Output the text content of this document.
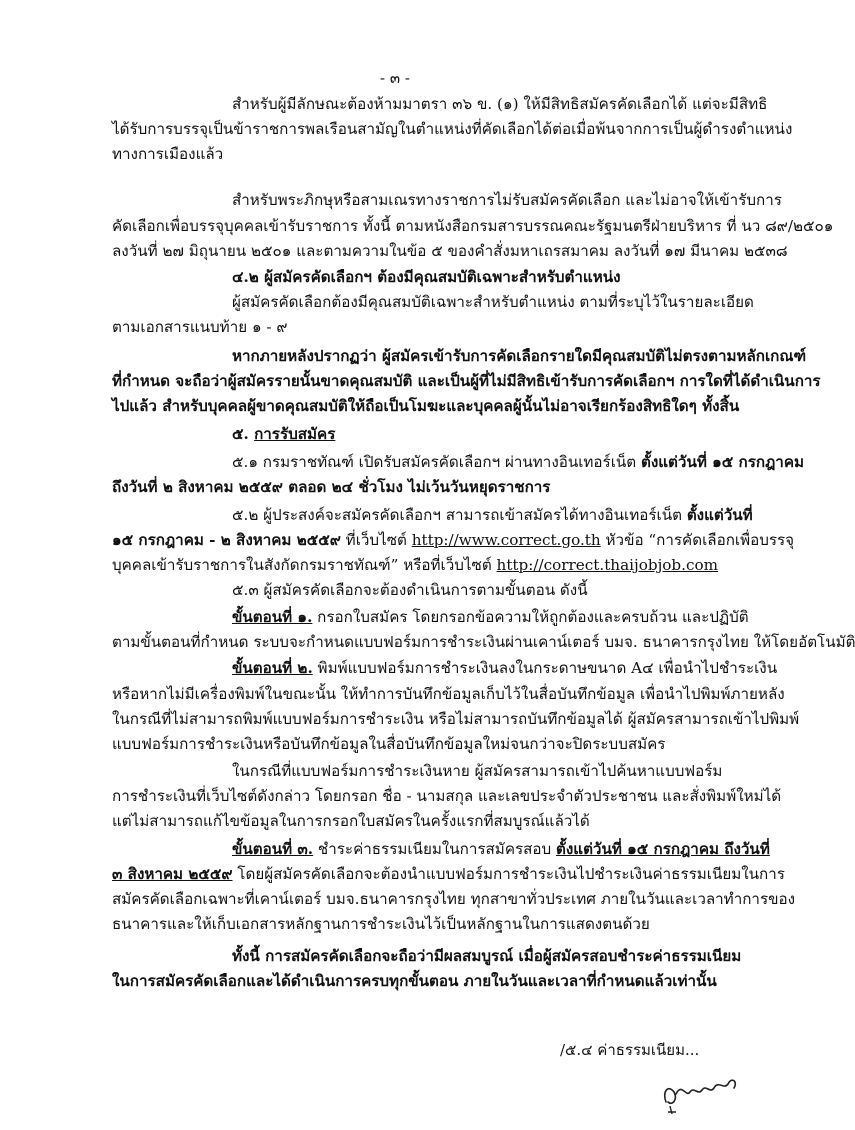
- ๓ -
สำหรับผู้มีลักษณะต้องห้ามมาตรา ๓๖ ข. (๑) ให้มีสิทธิสมัครคัดเลือกได้ แต่จะมีสิทธิ
ได้รับการบรรจุเป็นข้าราชการพลเรือนสามัญในตำแหน่งที่คัดเลือกได้ต่อเมื่อพ้นจากการเป็นผู้ดำรงตำแหน่ง
ทางการเมืองแล้ว
สำหรับพระภิกษุหรือสามเณรทางราชการไม่รับสมัครคัดเลือก และไม่อาจให้เข้ารับการ
คัดเลือกเพื่อบรรจุบุคคลเข้ารับราชการ ทั้งนี้ ตามหนังสือกรมสารบรรณคณะรัฐมนตรีฝ่ายบริหาร ที่ นว ๘๙/๒๕๐๑
ลงวันที่ ๒๗ มิถุนายน ๒๕๐๑ และตามความในข้อ ๕ ของคำสั่งมหาเถรสมาคม ลงวันที่ ๑๗ มีนาคม ๒๕๓๘
๔.๒ ผู้สมัครคัดเลือกฯ ต้องมีคุณสมบัติเฉพาะสำหรับตำแหน่ง
ผู้สมัครคัดเลือกต้องมีคุณสมบัติเฉพาะสำหรับตำแหน่ง ตามที่ระบุไว้ในรายละเอียด
ตามเอกสารแนบท้าย ๑ - ๙
หากภายหลังปรากฏว่า ผู้สมัครเข้ารับการคัดเลือกรายใดมีคุณสมบัติไม่ตรงตามหลักเกณฑ์
ที่กำหนด จะถือว่าผู้สมัครรายนั้นขาดคุณสมบัติ และเป็นผู้ที่ไม่มีสิทธิเข้ารับการคัดเลือกฯ การใดที่ได้ดำเนินการ
ไปแล้ว สำหรับบุคคลผู้ขาดคุณสมบัติให้ถือเป็นโมฆะและบุคคลผู้นั้นไม่อาจเรียกร้องสิทธิใดๆ ทั้งสิ้น
๕. การรับสมัคร
๕.๑ กรมราชทัณฑ์ เปิดรับสมัครคัดเลือกฯ ผ่านทางอินเทอร์เน็ต ตั้งแต่วันที่ ๑๕ กรกฎาคม
ถึงวันที่ ๒ สิงหาคม ๒๕๕๙ ตลอด ๒๔ ชั่วโมง ไม่เว้นวันหยุดราชการ
๕.๒ ผู้ประสงค์จะสมัครคัดเลือกฯ สามารถเข้าสมัครได้ทางอินเทอร์เน็ต ตั้งแต่วันที่
๑๕ กรกฎาคม - ๒ สิงหาคม ๒๕๕๙ ที่เว็บไซต์ http://www.correct.go.th หัวข้อ “การคัดเลือกเพื่อบรรจุ
บุคคลเข้ารับราชการในสังกัดกรมราชทัณฑ์” หรือที่เว็บไซต์ http://correct.thaijobjob.com
๕.๓ ผู้สมัครคัดเลือกจะต้องดำเนินการตามขั้นตอน ดังนี้
ขั้นตอนที่ ๑. กรอกใบสมัคร โดยกรอกข้อความให้ถูกต้องและครบถ้วน และปฏิบัติ
ตามขั้นตอนที่กำหนด ระบบจะกำหนดแบบฟอร์มการชำระเงินผ่านเคาน์เตอร์ บมจ. ธนาคารกรุงไทย ให้โดยอัตโนมัติ
ขั้นตอนที่ ๒. พิมพ์แบบฟอร์มการชำระเงินลงในกระดาษขนาด A๔ เพื่อนำไปชำระเงิน
หรือหากไม่มีเครื่องพิมพ์ในขณะนั้น ให้ทำการบันทึกข้อมูลเก็บไว้ในสื่อบันทึกข้อมูล เพื่อนำไปพิมพ์ภายหลัง
ในกรณีที่ไม่สามารถพิมพ์แบบฟอร์มการชำระเงิน หรือไม่สามารถบันทึกข้อมูลได้ ผู้สมัครสามารถเข้าไปพิมพ์
แบบฟอร์มการชำระเงินหรือบันทึกข้อมูลในสื่อบันทึกข้อมูลใหม่จนกว่าจะปิดระบบสมัคร
ในกรณีที่แบบฟอร์มการชำระเงินหาย ผู้สมัครสามารถเข้าไปค้นหาแบบฟอร์ม
การชำระเงินที่เว็บไซต์ดังกล่าว โดยกรอก ชื่อ - นามสกุล และเลขประจำตัวประชาชน และสั่งพิมพ์ใหม่ได้
แต่ไม่สามารถแก้ไขข้อมูลในการกรอกใบสมัครในครั้งแรกที่สมบูรณ์แล้วได้
ขั้นตอนที่ ๓. ชำระค่าธรรมเนียมในการสมัครสอบ ตั้งแต่วันที่ ๑๕ กรกฎาคม ถึงวันที่
๓ สิงหาคม ๒๕๕๙ โดยผู้สมัครคัดเลือกจะต้องนำแบบฟอร์มการชำระเงินไปชำระเงินค่าธรรมเนียมในการ
สมัครคัดเลือกเฉพาะที่เคาน์เตอร์ บมจ.ธนาคารกรุงไทย ทุกสาขาทั่วประเทศ ภายในวันและเวลาทำการของ
ธนาคารและให้เก็บเอกสารหลักฐานการชำระเงินไว้เป็นหลักฐานในการแสดงตนด้วย
ทั้งนี้ การสมัครคัดเลือกจะถือว่ามีผลสมบูรณ์ เมื่อผู้สมัครสอบชำระค่าธรรมเนียม
ในการสมัครคัดเลือกและได้ดำเนินการครบทุกขั้นตอน ภายในวันและเวลาที่กำหนดแล้วเท่านั้น
/๕.๔ ค่าธรรมเนียม...
